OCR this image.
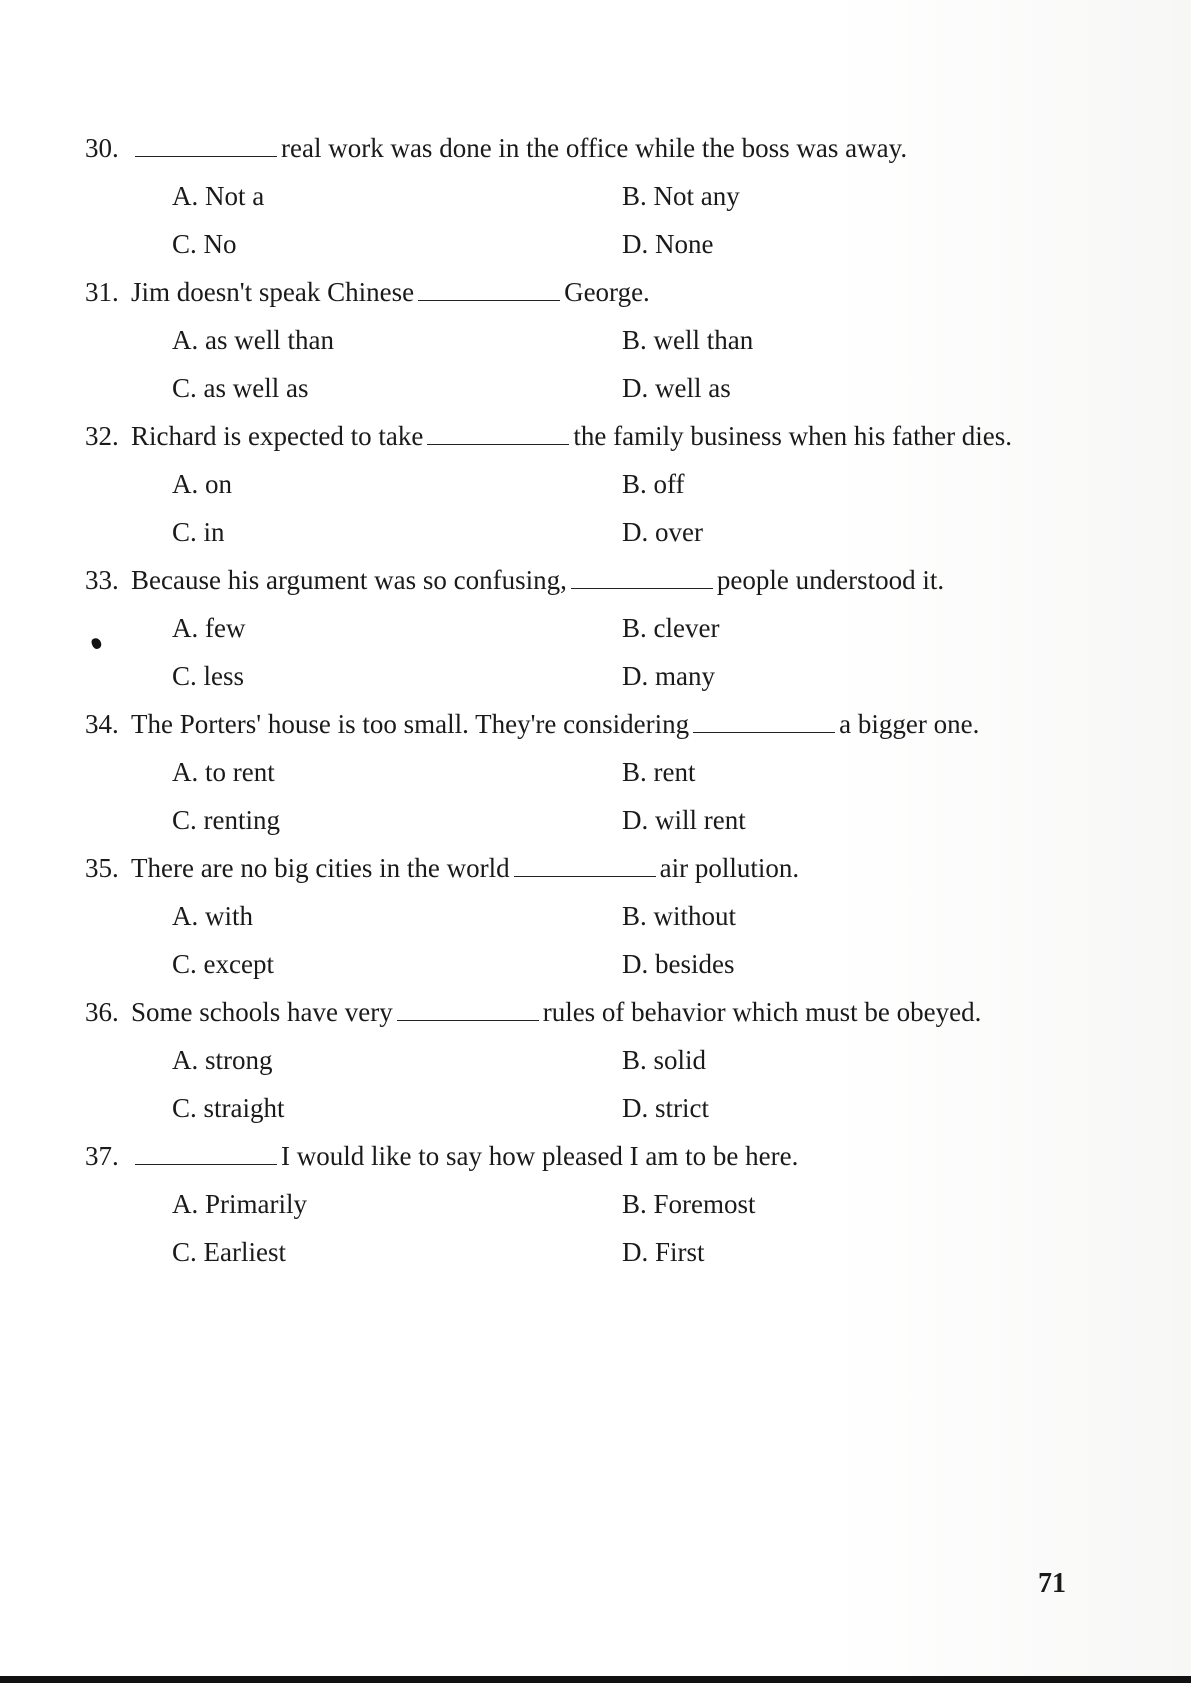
30.	real work was done in the office while the boss was away.
A. Not a	B. Not any
C. No	D. None
31. Jim doesn't speak Chinese	George.
A. as well than	B. well than
C. as well as	D. well as
32. Richard is expected to take	the family business when his father dies.
A. on	B. off
C. in	D. over
33. Because his argument was so confusing,	people understood it.
A. few	B. clever
C. less	D. many
34. The Porters' house is too small. They're considering	a bigger one.
A. to rent	B. rent
C. renting	D. will rent
35. There are no big cities in the world	air pollution.
A. with	B. without
C. except	D. besides
36. Some schools have very	rules of behavior which must be obeyed.
A. strong	B. solid
C. straight	D. strict
37.	I would like to say how pleased I am to be here.
A. Primarily	B. Foremost
C. Earliest	D. First
71
